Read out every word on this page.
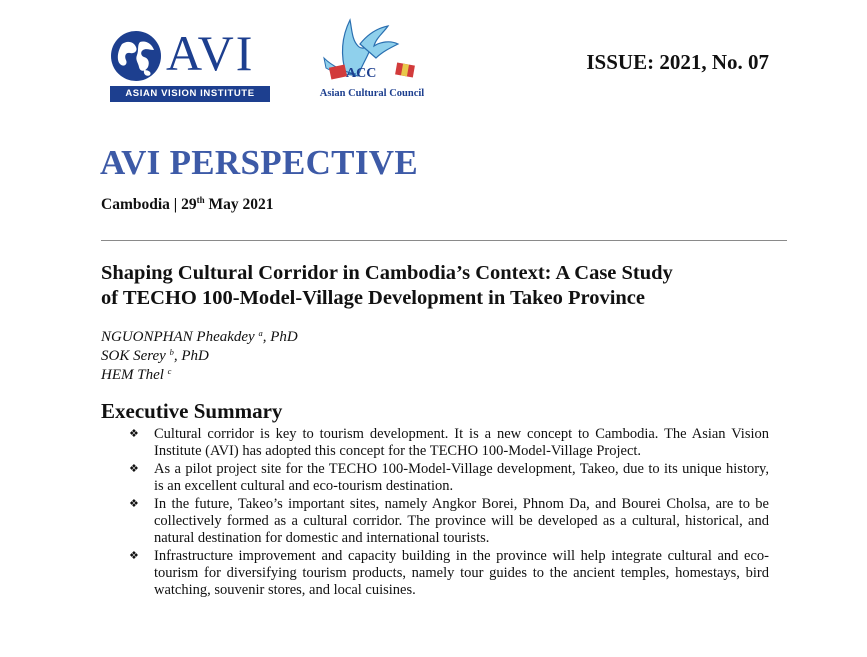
AVI
ASIAN VISION INSTITUTE
ACC
Asian Cultural Council
ISSUE: 2021, No. 07
AVI PERSPECTIVE
Cambodia | 29th May 2021
Shaping Cultural Corridor in Cambodia’s Context: A Case Study
of TECHO 100-Model-Village Development in Takeo Province
NGUONPHAN Pheakdey $^a$, PhD
SOK Serey $^b$, PhD
HEM Thel $^c$
Executive Summary
❖ Cultural corridor is key to tourism development. It is a new concept to Cambodia. The Asian Vision Institute (AVI) has adopted this concept for the TECHO 100-Model-Village Project.
❖ As a pilot project site for the TECHO 100-Model-Village development, Takeo, due to its unique history, is an excellent cultural and eco-tourism destination.
❖ In the future, Takeo’s important sites, namely Angkor Borei, Phnom Da, and Bourei Cholsa, are to be collectively formed as a cultural corridor. The province will be developed as a cultural, historical, and natural destination for domestic and international tourists.
❖ Infrastructure improvement and capacity building in the province will help integrate cultural and eco-tourism for diversifying tourism products, namely tour guides to the ancient temples, homestays, bird watching, souvenir stores, and local cuisines.
